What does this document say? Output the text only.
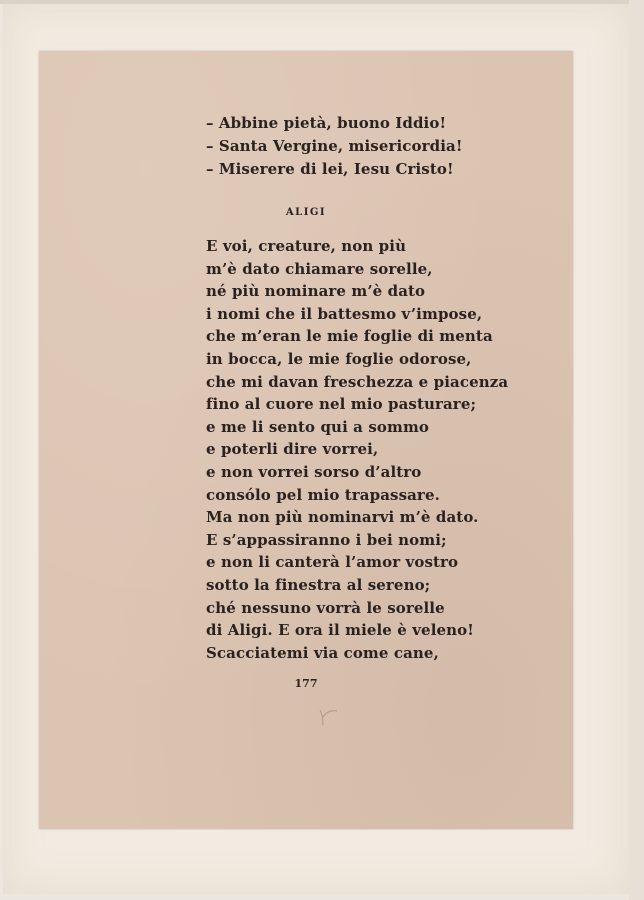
– Abbine pietà, buono Iddio!
– Santa Vergine, misericordia!
– Miserere di lei, Iesu Cristo!
ALIGI
E voi, creature, non più
m’è dato chiamare sorelle,
né più nominare m’è dato
i nomi che il battesmo v’impose,
che m’eran le mie foglie di menta
in bocca, le mie foglie odorose,
che mi davan freschezza e piacenza
fino al cuore nel mio pasturare;
e me li sento qui a sommo
e poterli dire vorrei,
e non vorrei sorso d’altro
consólo pel mio trapassare.
Ma non più nominarvi m’è dato.
E s’appassiranno i bei nomi;
e non li canterà l’amor vostro
sotto la finestra al sereno;
ché nessuno vorrà le sorelle
di Aligi. E ora il miele è veleno!
Scacciatemi via come cane,
177
